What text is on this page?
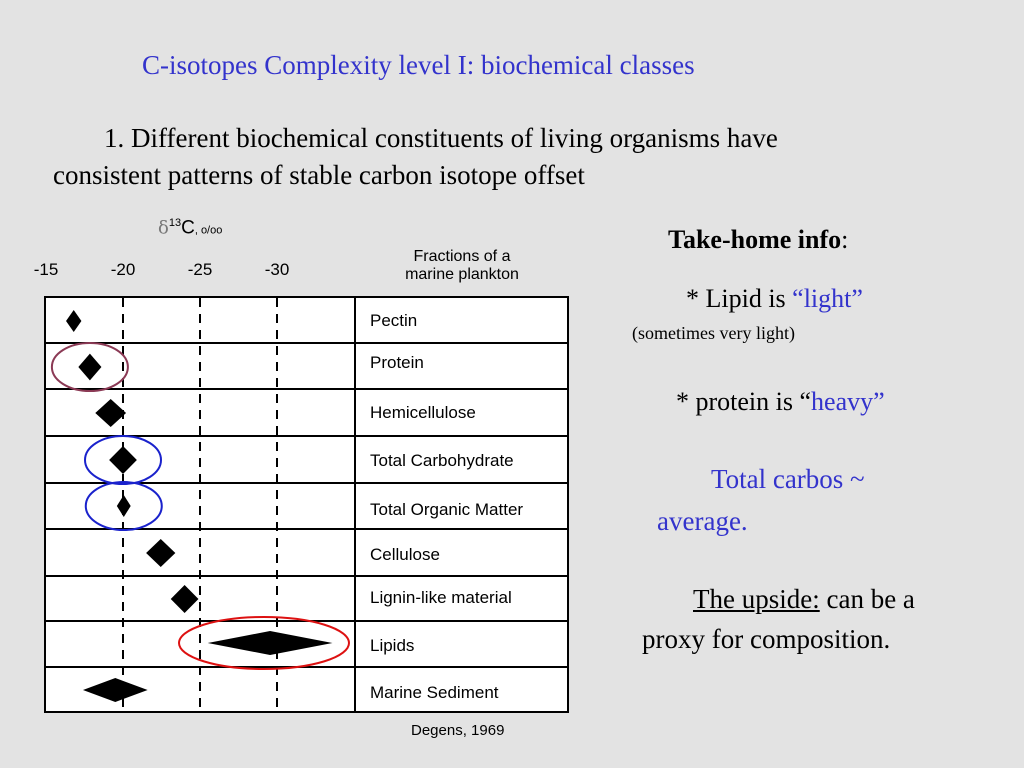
C-isotopes Complexity level I: biochemical classes
1. Different biochemical constituents of living organisms have
consistent patterns of stable carbon isotope offset
$\delta^{13}C$, o/oo
-15	-20	-25	-30
Fractions of a marine plankton
Degens, 1969
Take-home info:
* Lipid is “light”
(sometimes very light)
* protein is “heavy”
Total carbos ~
average.
The upside: can be a
proxy for composition.
Pectin
Protein
Hemicellulose
Total Carbohydrate
Total Organic Matter
Cellulose
Lignin-like material
Lipids
Marine Sediment
